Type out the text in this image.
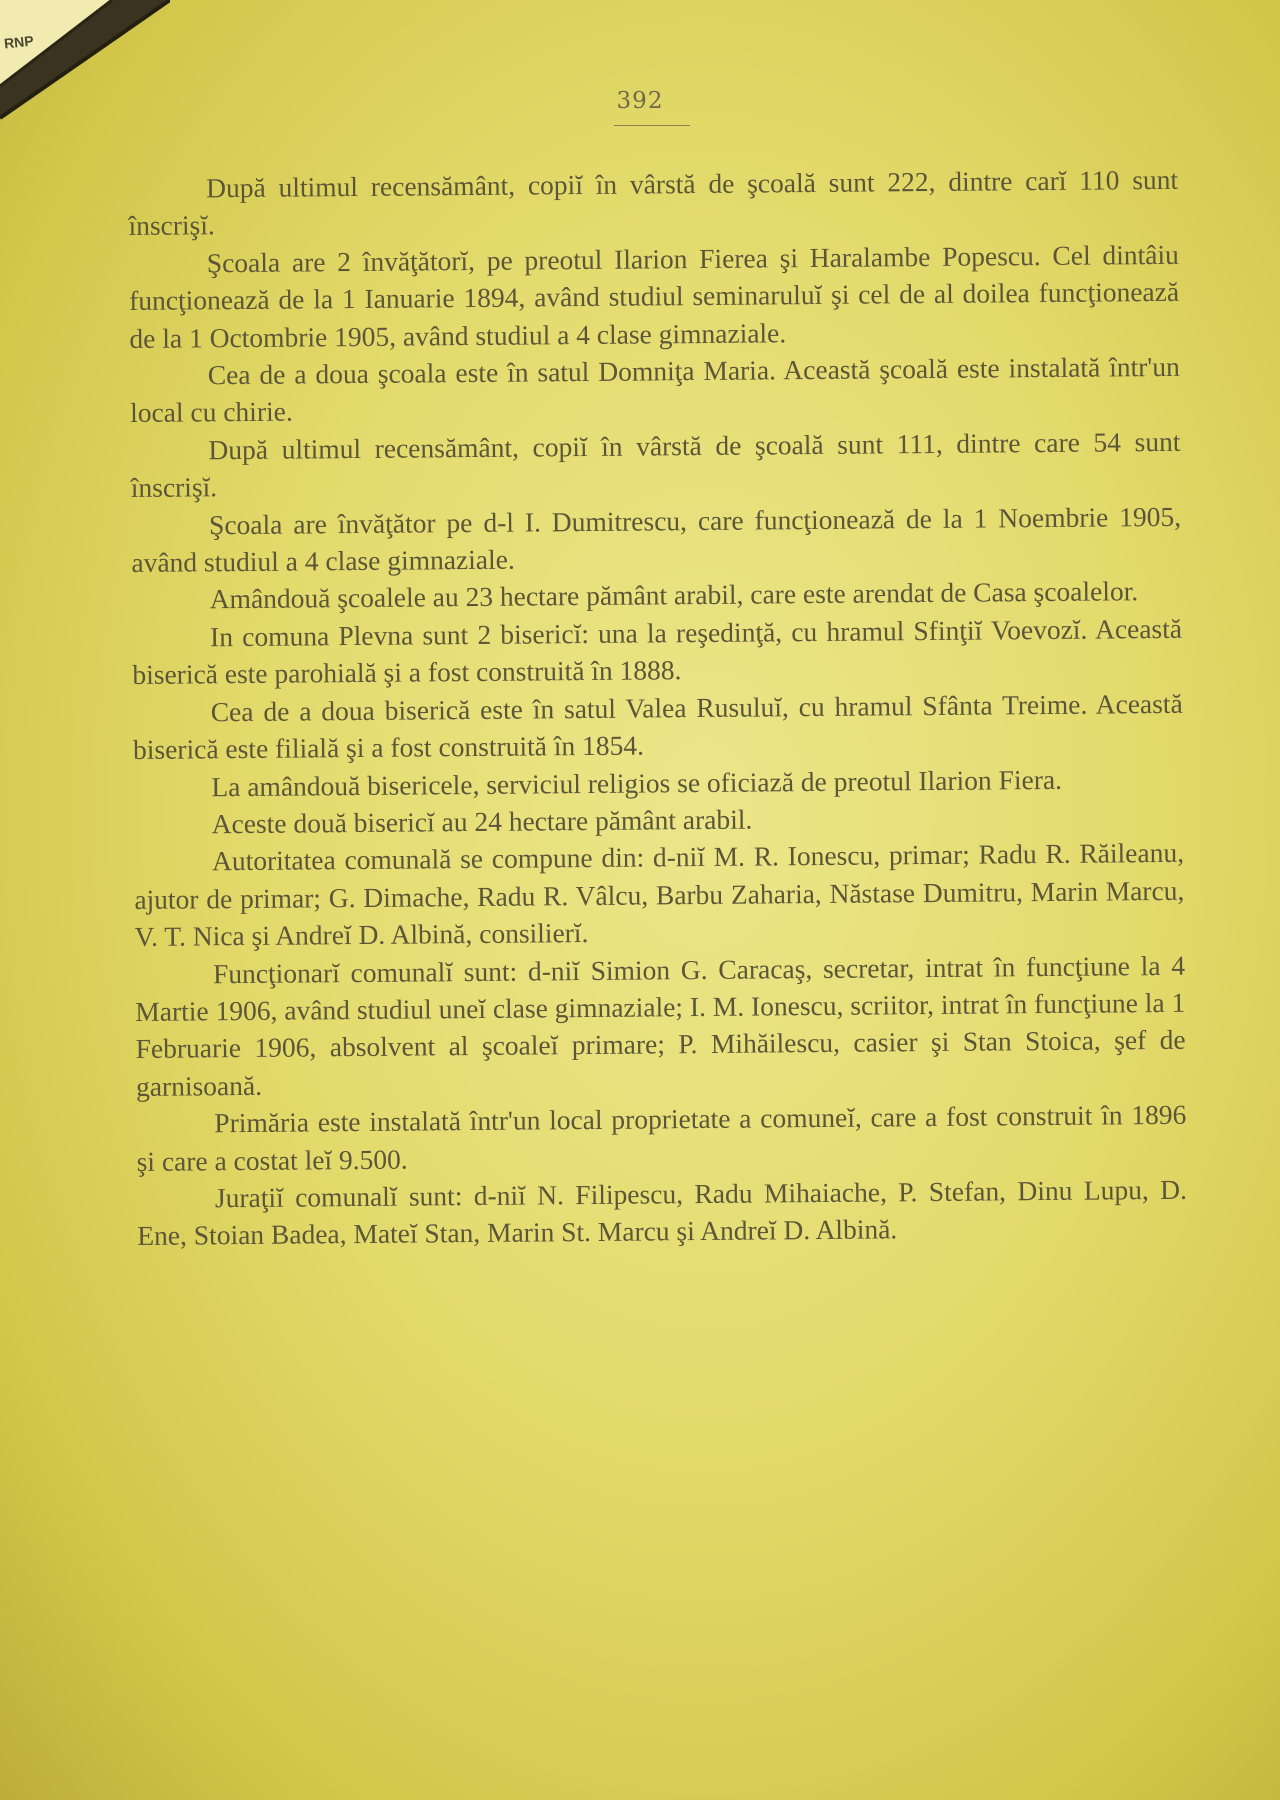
RNP
392

După ultimul recensământ, copiĭ în vârstă de şcoală sunt 222, dintre carĭ 110 sunt înscrişĭ.

Şcoala are 2 învăţătorĭ, pe preotul Ilarion Fierea şi Haralambe Popescu. Cel dintâiu funcţionează de la 1 Ianuarie 1894, având studiul seminaruluĭ şi cel de al doilea funcţionează de la 1 Octombrie 1905, având studiul a 4 clase gimnaziale.

Cea de a doua şcoala este în satul Domniţa Maria. Această şcoală este instalată într'un local cu chirie.

După ultimul recensământ, copiĭ în vârstă de şcoală sunt 111, dintre care 54 sunt înscrişĭ.

Şcoala are învăţător pe d-l I. Dumitrescu, care funcţionează de la 1 Noembrie 1905, având studiul a 4 clase gimnaziale.

Amândouă şcoalele au 23 hectare pământ arabil, care este arendat de Casa şcoalelor.

In comuna Plevna sunt 2 bisericĭ: una la reşedinţă, cu hramul Sfinţiĭ Voevozĭ. Această biserică este parohială şi a fost construită în 1888.

Cea de a doua biserică este în satul Valea Rusuluĭ, cu hramul Sfânta Treime. Această biserică este filială şi a fost construită în 1854.

La amândouă bisericele, serviciul religios se oficiază de preotul Ilarion Fiera.

Aceste două bisericĭ au 24 hectare pământ arabil.

Autoritatea comunală se compune din: d-niĭ M. R. Ionescu, primar; Radu R. Răileanu, ajutor de primar; G. Dimache, Radu R. Vâlcu, Barbu Zaharia, Năstase Dumitru, Marin Marcu, V. T. Nica şi Andreĭ D. Albină, consilierĭ.

Funcţionarĭ comunalĭ sunt: d-niĭ Simion G. Caracaş, secretar, intrat în funcţiune la 4 Martie 1906, având studiul uneĭ clase gimnaziale; I. M. Ionescu, scriitor, intrat în funcţiune la 1 Februarie 1906, absolvent al şcoaleĭ primare; P. Mihăilescu, casier şi Stan Stoica, şef de garnisoană.

Primăria este instalată într'un local proprietate a comuneĭ, care a fost construit în 1896 şi care a costat leĭ 9.500.

Juraţiĭ comunalĭ sunt: d-niĭ N. Filipescu, Radu Mihaiache, P. Stefan, Dinu Lupu, D. Ene, Stoian Badea, Mateĭ Stan, Marin St. Marcu şi Andreĭ D. Albină.
